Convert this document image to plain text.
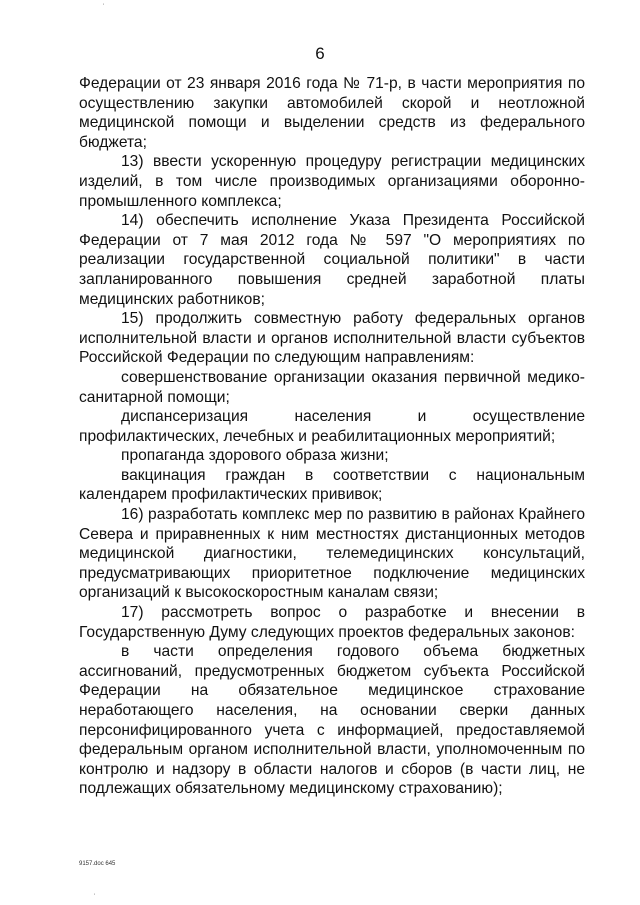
'
6

Федерации от 23 января 2016 года № 71-р, в части мероприятия по осуществлению закупки автомобилей скорой и неотложной медицинской помощи и выделении средств из федерального бюджета;

13) ввести ускоренную процедуру регистрации медицинских изделий, в том числе производимых организациями оборонно-промышленного комплекса;

14) обеспечить исполнение Указа Президента Российской Федерации от 7 мая 2012 года № 597 "О мероприятиях по реализации государственной социальной политики" в части запланированного повышения средней заработной платы медицинских работников;

15) продолжить совместную работу федеральных органов исполнительной власти и органов исполнительной власти субъектов Российской Федерации по следующим направлениям:

совершенствование организации оказания первичной медико-санитарной помощи;

диспансеризация населения и осуществление профилактических, лечебных и реабилитационных мероприятий;

пропаганда здорового образа жизни;

вакцинация граждан в соответствии с национальным календарем профилактических прививок;

16) разработать комплекс мер по развитию в районах Крайнего Севера и приравненных к ним местностях дистанционных методов медицинской диагностики, телемедицинских консультаций, предусматривающих приоритетное подключение медицинских организаций к высокоскоростным каналам связи;

17) рассмотреть вопрос о разработке и внесении в Государственную Думу следующих проектов федеральных законов:

в части определения годового объема бюджетных ассигнований, предусмотренных бюджетом субъекта Российской Федерации на обязательное медицинское страхование неработающего населения, на основании сверки данных персонифицированного учета с информацией, предоставляемой федеральным органом исполнительной власти, уполномоченным по контролю и надзору в области налогов и сборов (в части лиц, не подлежащих обязательному медицинскому страхованию);

9157.doc 645
'
